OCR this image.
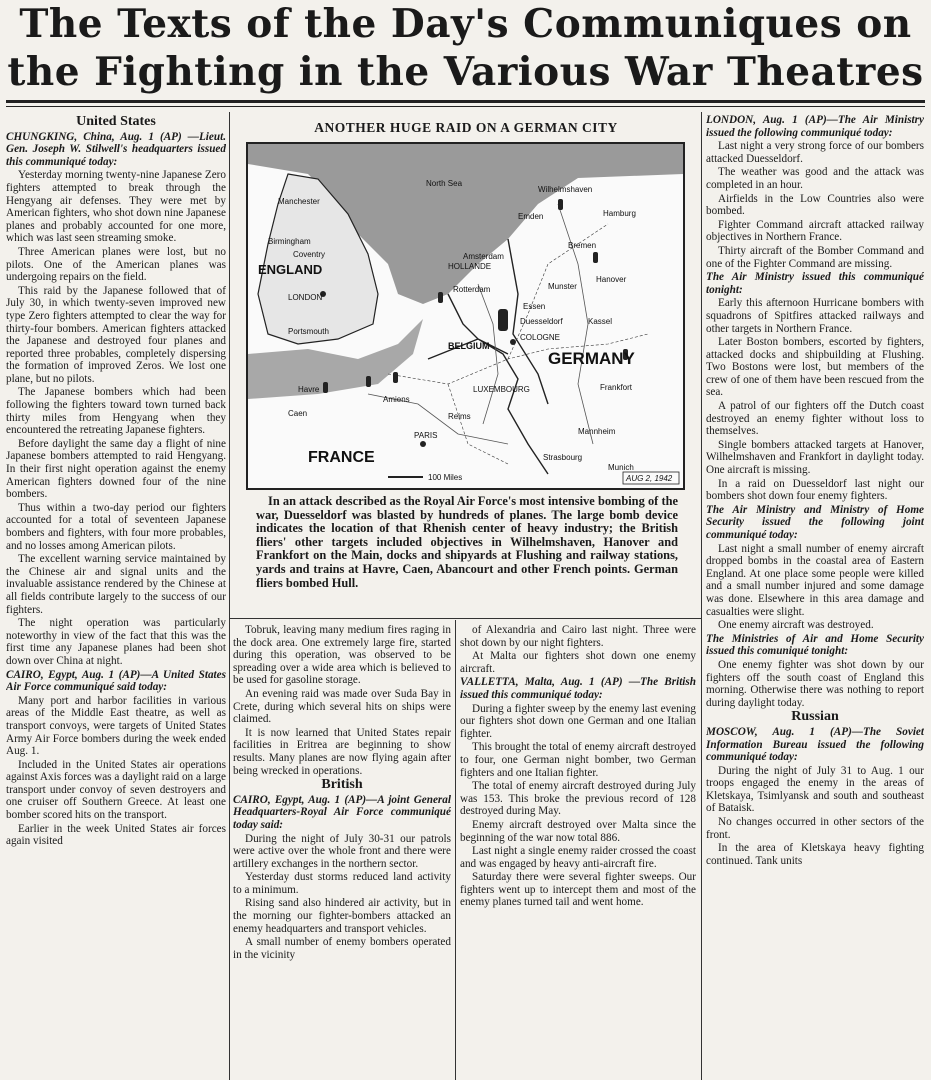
The Texts of the Day's Communiques on
the Fighting in the Various War Theatres
United States

CHUNGKING, China, Aug. 1 (AP) —Lieut. Gen. Joseph W. Stilwell's headquarters issued this communiqué today:

Yesterday morning twenty-nine Japanese Zero fighters attempted to break through the Hengyang air defenses. They were met by American fighters, who shot down nine Japanese planes and probably accounted for one more, which was last seen streaming smoke.

Three American planes were lost, but no pilots. One of the American planes was undergoing repairs on the field.

This raid by the Japanese followed that of July 30, in which twenty-seven improved new type Zero fighters attempted to clear the way for thirty-four bombers. American fighters attacked the Japanese and destroyed four planes and reported three probables, completely dispersing the formation of improved Zeros. We lost one plane, but no pilots.

The Japanese bombers which had been following the fighters toward town turned back thirty miles from Hengyang when they encountered the retreating Japanese fighters.

Before daylight the same day a flight of nine Japanese bombers attempted to raid Hengyang. In their first night operation against the enemy American fighters downed four of the nine bombers.

Thus within a two-day period our fighters accounted for a total of seventeen Japanese bombers and fighters, with four more probables, and no losses among American pilots.

The excellent warning service maintained by the Chinese air and signal units and the invaluable assistance rendered by the Chinese at all fields contribute largely to the success of our fighters.

The night operation was particularly noteworthy in view of the fact that this was the first time any Japanese planes had been shot down over China at night.

CAIRO, Egypt, Aug. 1 (AP)—A United States Air Force communiqué said today:

Many port and harbor facilities in various areas of the Middle East theatre, as well as transport convoys, were targets of United States Army Air Force bombers during the week ended Aug. 1.

Included in the United States air operations against Axis forces was a daylight raid on a large transport under convoy of seven destroyers and one cruiser off Southern Greece. At least one bomber scored hits on the transport.

Earlier in the week United States air forces again visited

ANOTHER HUGE RAID ON A GERMAN CITY
North Sea
ENGLAND
LONDON
GERMANY
FRANCE
BELGIUM
LUXEMBOURG
HOLLANDE
PARIS
COLOGNE
Hamburg
Bremen
Hanover
Kassel
Frankfort
Munich
Strasbourg
Mannheim
Reims
Amiens
Caen
Havre
Portsmouth
Birmingham
Coventry
Manchester
Rotterdam
Amsterdam
Essen
Duesseldorf
Munster
Emden
Wilhelmshaven
100 Miles	AUG 2, 1942

In an attack described as the Royal Air Force's most intensive bombing of the war, Duesseldorf was blasted by hundreds of planes. The large bomb device indicates the location of that Rhenish center of heavy industry; the British fliers' other targets included objectives in Wilhelmshaven, Hanover and Frankfort on the Main, docks and shipyards at Flushing and railway stations, yards and trains at Havre, Caen, Abancourt and other French points. German fliers bombed Hull.

Tobruk, leaving many medium fires raging in the dock area. One extremely large fire, started during this operation, was observed to be spreading over a wide area which is believed to be used for gasoline storage.

An evening raid was made over Suda Bay in Crete, during which several hits on ships were claimed.

It is now learned that United States repair facilities in Eritrea are beginning to show results. Many planes are now flying again after being wrecked in operations.

British

CAIRO, Egypt, Aug. 1 (AP)—A joint General Headquarters-Royal Air Force communiqué today said:

During the night of July 30-31 our patrols were active over the whole front and there were artillery exchanges in the northern sector.

Yesterday dust storms reduced land activity to a minimum.

Rising sand also hindered air activity, but in the morning our fighter-bombers attacked an enemy headquarters and transport vehicles.

A small number of enemy bombers operated in the vicinity

of Alexandria and Cairo last night. Three were shot down by our night fighters.

At Malta our fighters shot down one enemy aircraft.

VALLETTA, Malta, Aug. 1 (AP) —The British issued this communiqué today:

During a fighter sweep by the enemy last evening our fighters shot down one German and one Italian fighter.

This brought the total of enemy aircraft destroyed to four, one German night bomber, two German fighters and one Italian fighter.

The total of enemy aircraft destroyed during July was 153. This broke the previous record of 128 destroyed during May.

Enemy aircraft destroyed over Malta since the beginning of the war now total 886.

Last night a single enemy raider crossed the coast and was engaged by heavy anti-aircraft fire.

Saturday there were several fighter sweeps. Our fighters went up to intercept them and most of the enemy planes turned tail and went home.

LONDON, Aug. 1 (AP)—The Air Ministry issued the following communiqué today:

Last night a very strong force of our bombers attacked Duesseldorf.

The weather was good and the attack was completed in an hour.

Airfields in the Low Countries also were bombed.

Fighter Command aircraft attacked railway objectives in Northern France.

Thirty aircraft of the Bomber Command and one of the Fighter Command are missing.

The Air Ministry issued this communiqué tonight:

Early this afternoon Hurricane bombers with squadrons of Spitfires attacked railways and other targets in Northern France.

Later Boston bombers, escorted by fighters, attacked docks and shipbuilding at Flushing. Two Bostons were lost, but members of the crew of one of them have been rescued from the sea.

A patrol of our fighters off the Dutch coast destroyed an enemy fighter without loss to themselves.

Single bombers attacked targets at Hanover, Wilhelmshaven and Frankfort in daylight today. One aircraft is missing.

In a raid on Duesseldorf last night our bombers shot down four enemy fighters.

The Air Ministry and Ministry of Home Security issued the following joint communiqué today:

Last night a small number of enemy aircraft dropped bombs in the coastal area of Eastern England. At one place some people were killed and a small number injured and some damage was done. Elsewhere in this area damage and casualties were slight.

One enemy aircraft was destroyed.

The Ministries of Air and Home Security issued this comuniqué tonight:

One enemy fighter was shot down by our fighters off the south coast of England this morning. Otherwise there was nothing to report during daylight today.

Russian

MOSCOW, Aug. 1 (AP)—The Soviet Information Bureau issued the following communiqué today:

During the night of July 31 to Aug. 1 our troops engaged the enemy in the areas of Kletskaya, Tsimlyansk and south and southeast of Bataisk.

No changes occurred in other sectors of the front.

In the area of Kletskaya heavy fighting continued. Tank units
